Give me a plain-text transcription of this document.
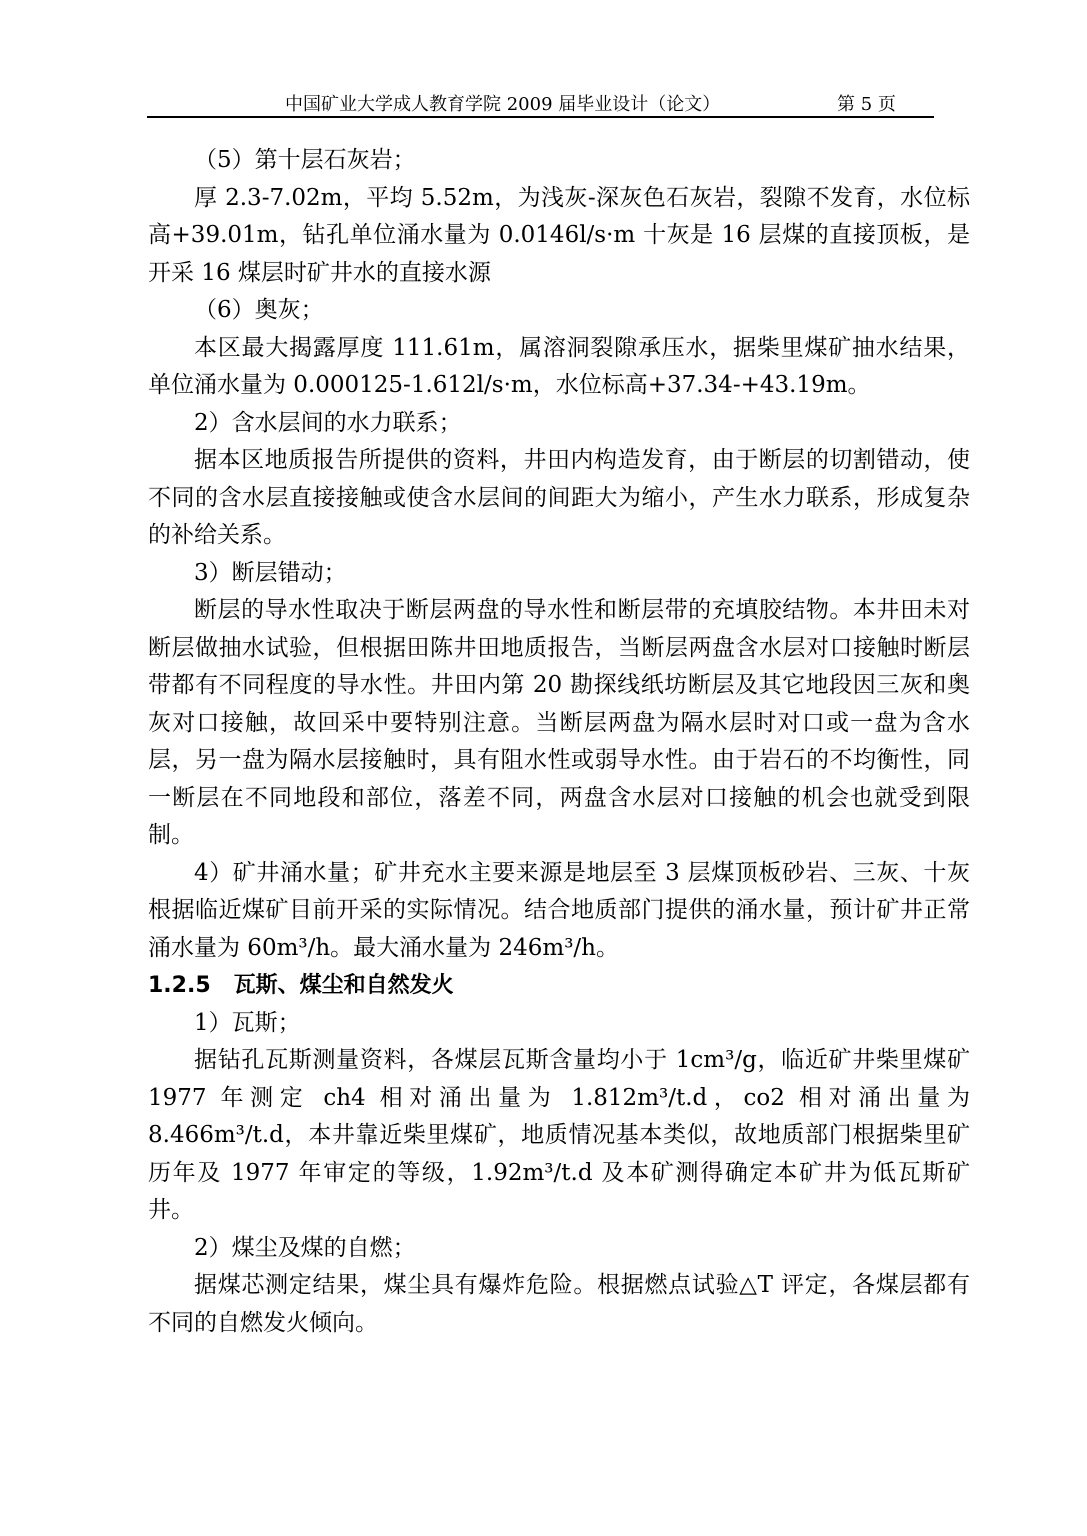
中国矿业大学成人教育学院 2009 届毕业设计（论文）	第 5 页

（5）第十层石灰岩；

厚 2.3-7.02m，平均 5.52m，为浅灰-深灰色石灰岩，裂隙不发育，水位标高+39.01m，钻孔单位涌水量为 0.0146l/s·m 十灰是 16 层煤的直接顶板，是开采 16 煤层时矿井水的直接水源

（6）奥灰；

本区最大揭露厚度 111.61m，属溶洞裂隙承压水，据柴里煤矿抽水结果，单位涌水量为 0.000125-1.612l/s·m，水位标高+37.34-+43.19m。

2）含水层间的水力联系；

据本区地质报告所提供的资料，井田内构造发育，由于断层的切割错动，使不同的含水层直接接触或使含水层间的间距大为缩小，产生水力联系，形成复杂的补给关系。

3）断层错动；

断层的导水性取决于断层两盘的导水性和断层带的充填胶结物。本井田未对断层做抽水试验，但根据田陈井田地质报告，当断层两盘含水层对口接触时断层带都有不同程度的导水性。井田内第 20 勘探线纸坊断层及其它地段因三灰和奥灰对口接触，故回采中要特别注意。当断层两盘为隔水层时对口或一盘为含水层，另一盘为隔水层接触时，具有阻水性或弱导水性。由于岩石的不均衡性，同一断层在不同地段和部位，落差不同，两盘含水层对口接触的机会也就受到限制。

4）矿井涌水量；矿井充水主要来源是地层至 3 层煤顶板砂岩、三灰、十灰根据临近煤矿目前开采的实际情况。结合地质部门提供的涌水量，预计矿井正常涌水量为 60m³/h。最大涌水量为 246m³/h。

1.2.5   瓦斯、煤尘和自然发火

1）瓦斯；

据钻孔瓦斯测量资料，各煤层瓦斯含量均小于 1cm³/g，临近矿井柴里煤矿 1977 年测定 ch4 相对涌出量为 1.812m³/t.d，co2 相对涌出量为 8.466m³/t.d，本井靠近柴里煤矿，地质情况基本类似，故地质部门根据柴里矿历年及 1977 年审定的等级，1.92m³/t.d 及本矿测得确定本矿井为低瓦斯矿井。

2）煤尘及煤的自燃；

据煤芯测定结果，煤尘具有爆炸危险。根据燃点试验△T 评定，各煤层都有不同的自燃发火倾向。
